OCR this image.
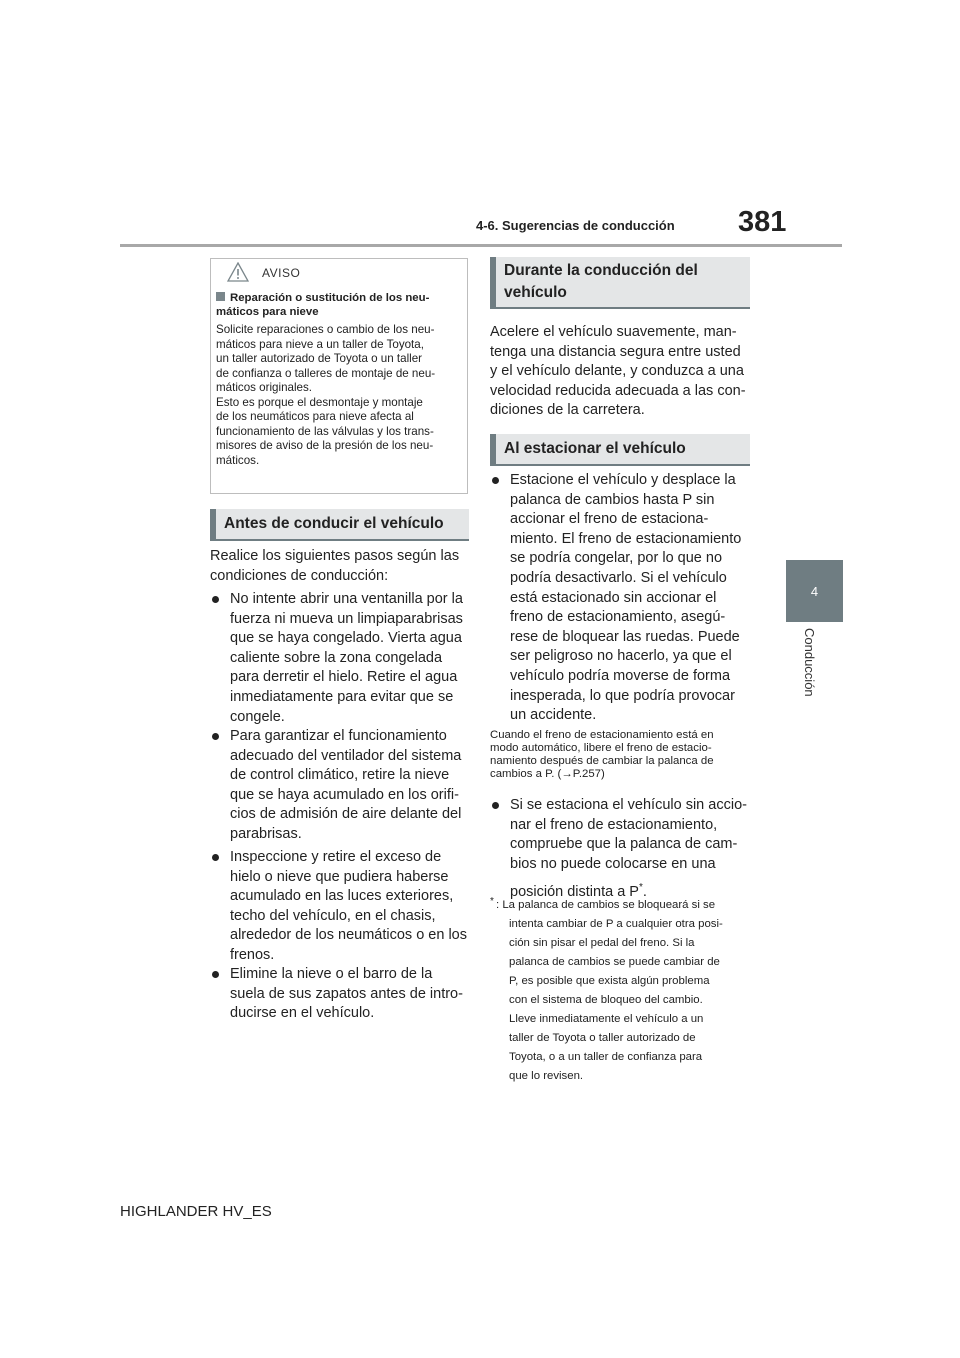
4-6. Sugerencias de conducción 381
4
Conducción
AVISO
Reparación o sustitución de los neu-máticos para nieve
Solicite reparaciones o cambio de los neu-
máticos para nieve a un taller de Toyota,
un taller autorizado de Toyota o un taller
de confianza o talleres de montaje de neu-
máticos originales.
Esto es porque el desmontaje y montaje
de los neumáticos para nieve afecta al
funcionamiento de las válvulas y los trans-
misores de aviso de la presión de los neu-
máticos.
Antes de conducir el vehículo
Realice los siguientes pasos según las
condiciones de conducción:
No intente abrir una ventanilla por la
fuerza ni mueva un limpiaparabrisas
que se haya congelado. Vierta agua
caliente sobre la zona congelada
para derretir el hielo. Retire el agua
inmediatamente para evitar que se
congele.
Para garantizar el funcionamiento
adecuado del ventilador del sistema
de control climático, retire la nieve
que se haya acumulado en los orifi-
cios de admisión de aire delante del
parabrisas.
Inspeccione y retire el exceso de
hielo o nieve que pudiera haberse
acumulado en las luces exteriores,
techo del vehículo, en el chasis,
alrededor de los neumáticos o en los
frenos.
Elimine la nieve o el barro de la
suela de sus zapatos antes de intro-
ducirse en el vehículo.
Durante la conducción del
vehículo
Acelere el vehículo suavemente, man-
tenga una distancia segura entre usted
y el vehículo delante, y conduzca a una
velocidad reducida adecuada a las con-
diciones de la carretera.
Al estacionar el vehículo
Estacione el vehículo y desplace la
palanca de cambios hasta P sin
accionar el freno de estaciona-
miento. El freno de estacionamiento
se podría congelar, por lo que no
podría desactivarlo. Si el vehículo
está estacionado sin accionar el
freno de estacionamiento, asegú-
rese de bloquear las ruedas. Puede
ser peligroso no hacerlo, ya que el
vehículo podría moverse de forma
inesperada, lo que podría provocar
un accidente.
Cuando el freno de estacionamiento está en
modo automático, libere el freno de estacio-
namiento después de cambiar la palanca de
cambios a P. (→P.257)
Si se estaciona el vehículo sin accio-
nar el freno de estacionamiento,
compruebe que la palanca de cam-
bios no puede colocarse en una
posición distinta a P*.
* : La palanca de cambios se bloqueará si se
intenta cambiar de P a cualquier otra posi-
ción sin pisar el pedal del freno. Si la
palanca de cambios se puede cambiar de
P, es posible que exista algún problema
con el sistema de bloqueo del cambio.
Lleve inmediatamente el vehículo a un
taller de Toyota o taller autorizado de
Toyota, o a un taller de confianza para
que lo revisen.
HIGHLANDER HV_ES
